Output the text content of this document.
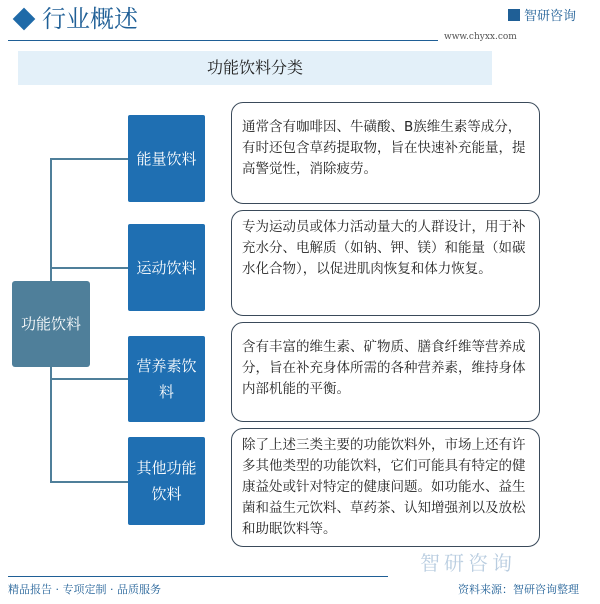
行业概述	智研咨询
www.chyxx.com
功能饮料分类
功能饮料
能量饮料
运动饮料
营养素饮料
其他功能饮料
通常含有咖啡因、牛磺酸、B族维生素等成分，有时还包含草药提取物，旨在快速补充能量，提高警觉性，消除疲劳。
专为运动员或体力活动量大的人群设计，用于补充水分、电解质（如钠、钾、镁）和能量（如碳水化合物），以促进肌肉恢复和体力恢复。
含有丰富的维生素、矿物质、膳食纤维等营养成分，旨在补充身体所需的各种营养素，维持身体内部机能的平衡。
除了上述三类主要的功能饮料外，市场上还有许多其他类型的功能饮料，它们可能具有特定的健康益处或针对特定的健康问题。如功能水、益生菌和益生元饮料、草药茶、认知增强剂以及放松和助眠饮料等。
智研咨询
精品报告 · 专项定制 · 品质服务	资料来源：智研咨询整理
